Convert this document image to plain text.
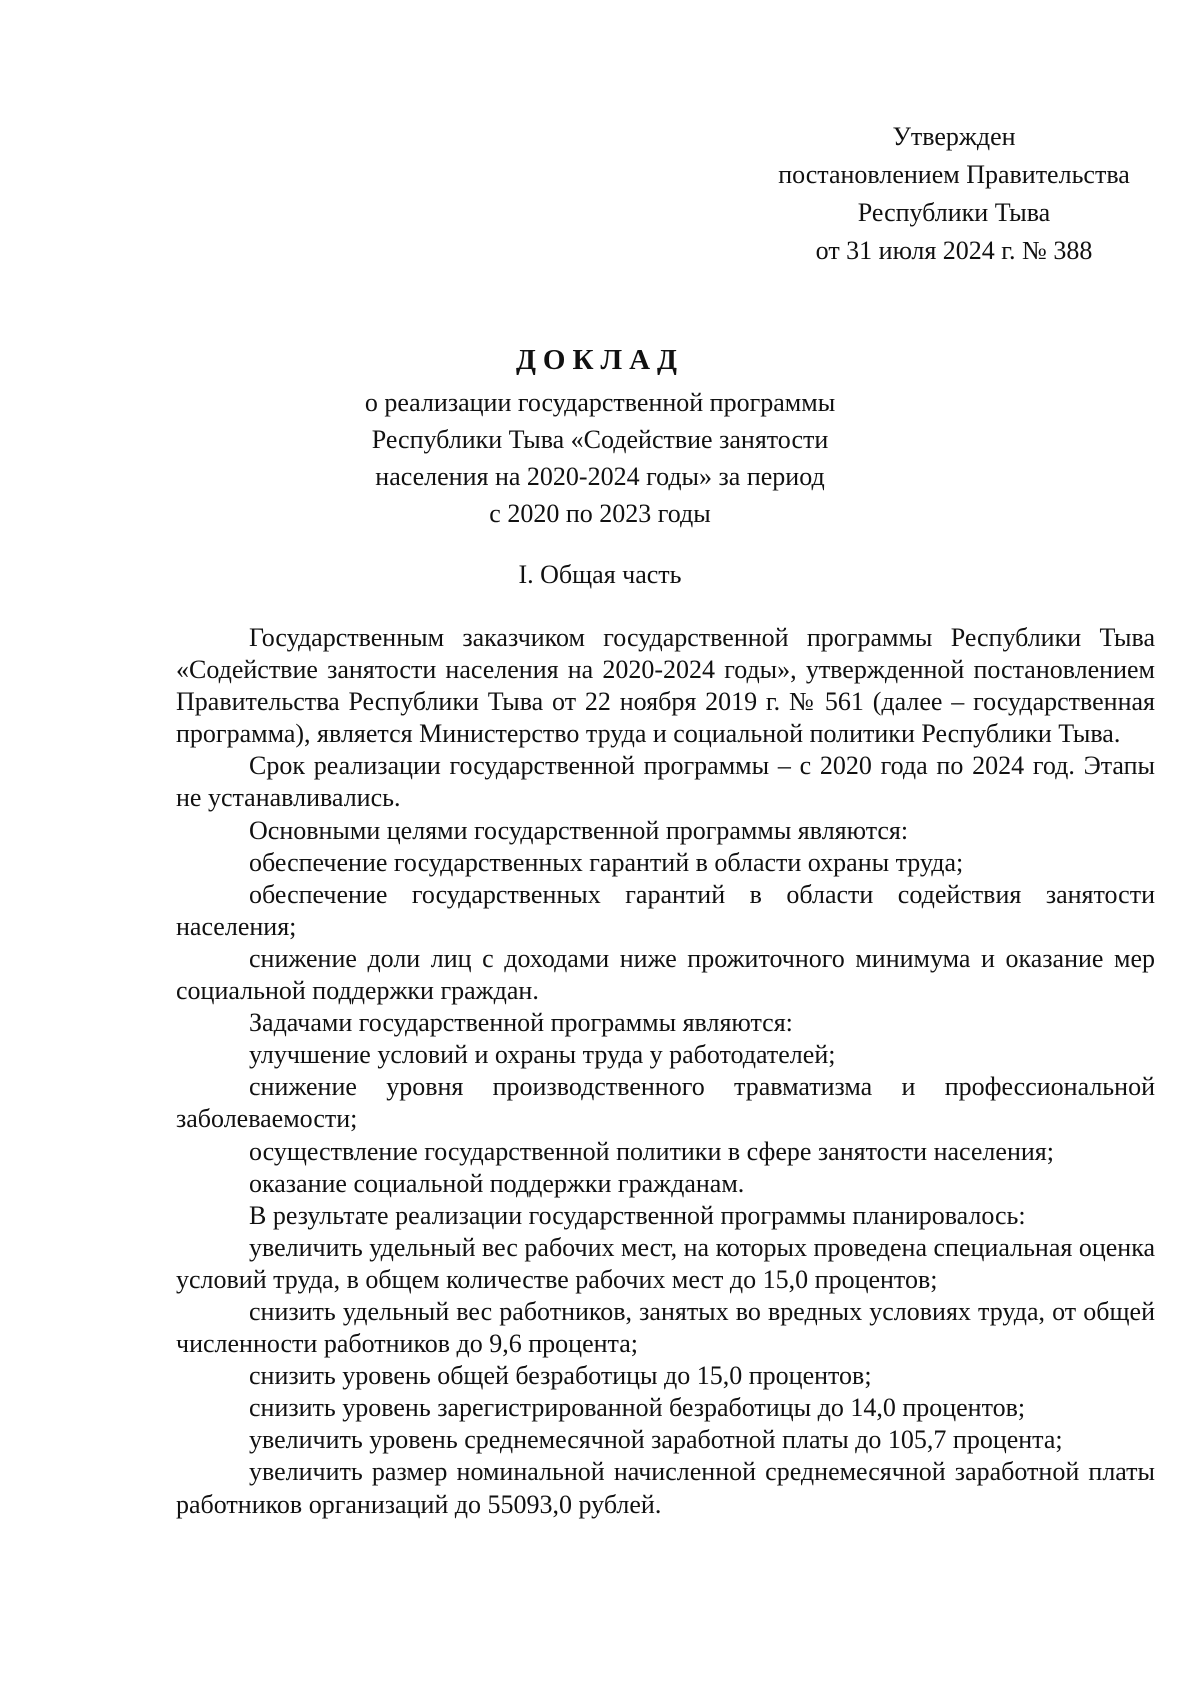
Утвержден
постановлением Правительства
Республики Тыва
от 31 июля 2024 г. № 388
ДОКЛАД
о реализации государственной программы
Республики Тыва «Содействие занятости
населения на 2020-2024 годы» за период
с 2020 по 2023 годы
I. Общая часть

Государственным заказчиком государственной программы Республики Тыва «Содействие занятости населения на 2020-2024 годы», утвержденной постановлением Правительства Республики Тыва от 22 ноября 2019 г. № 561 (далее – государственная программа), является Министерство труда и социальной политики Республики Тыва.

Срок реализации государственной программы – с 2020 года по 2024 год. Этапы не устанавливались.

Основными целями государственной программы являются:

обеспечение государственных гарантий в области охраны труда;

обеспечение государственных гарантий в области содействия занятости населения;

снижение доли лиц с доходами ниже прожиточного минимума и оказание мер социальной поддержки граждан.

Задачами государственной программы являются:

улучшение условий и охраны труда у работодателей;

снижение уровня производственного травматизма и профессиональной заболеваемости;

осуществление государственной политики в сфере занятости населения;

оказание социальной поддержки гражданам.

В результате реализации государственной программы планировалось:

увеличить удельный вес рабочих мест, на которых проведена специальная оценка условий труда, в общем количестве рабочих мест до 15,0 процентов;

снизить удельный вес работников, занятых во вредных условиях труда, от общей численности работников до 9,6 процента;

снизить уровень общей безработицы до 15,0 процентов;

снизить уровень зарегистрированной безработицы до 14,0 процентов;

увеличить уровень среднемесячной заработной платы до 105,7 процента;

увеличить размер номинальной начисленной среднемесячной заработной платы работников организаций до 55093,0 рублей.
